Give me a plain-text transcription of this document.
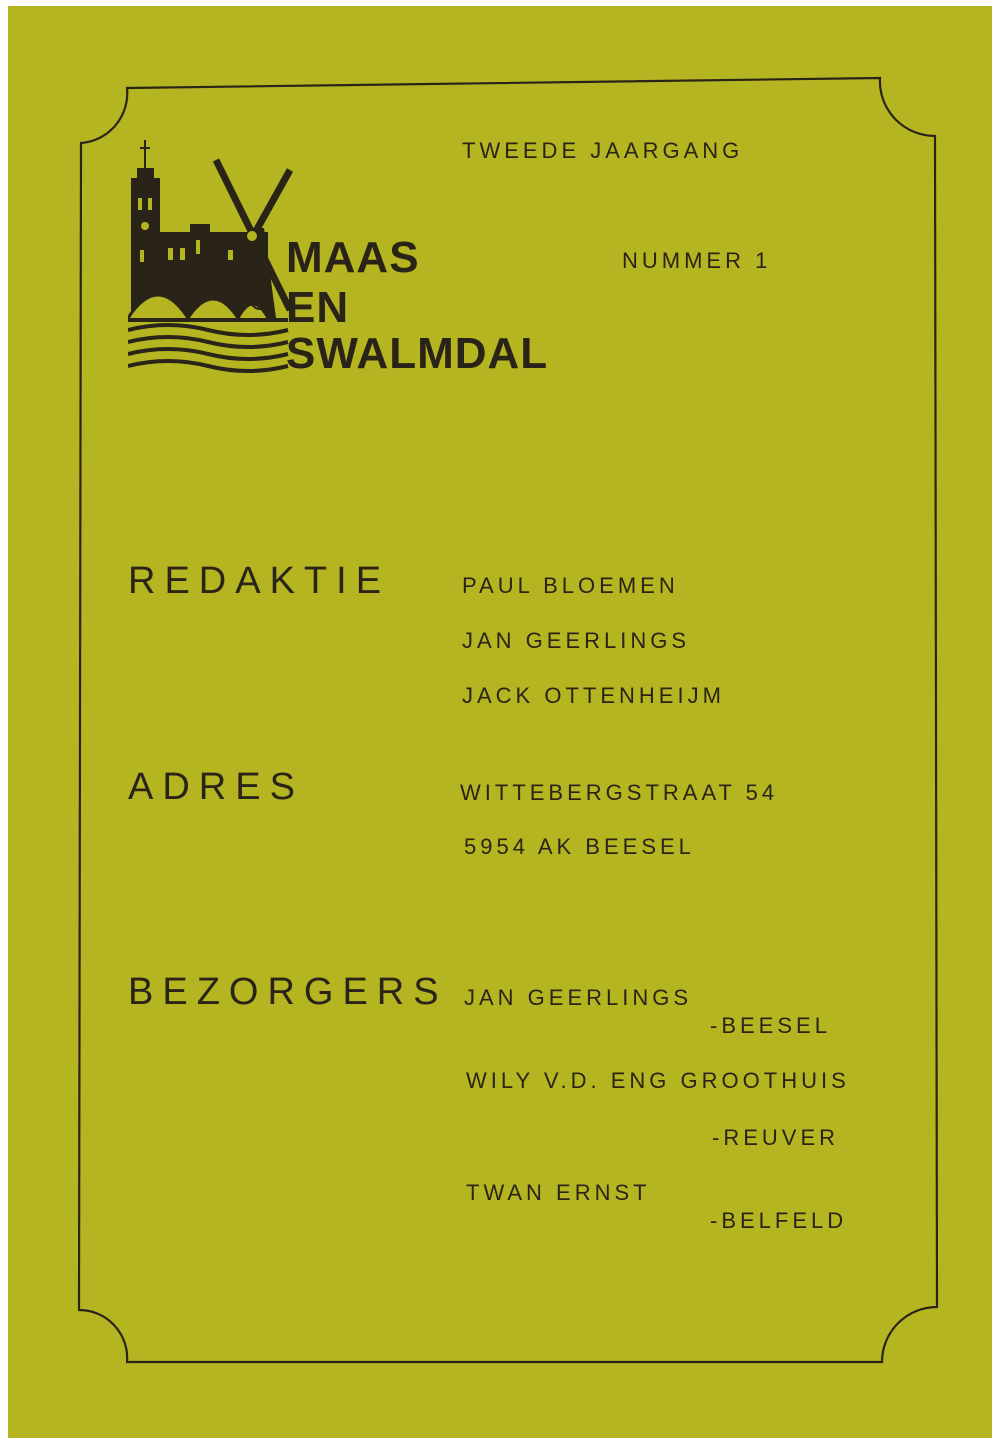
MAAS
EN
SWALMDAL
TWEEDE JAARGANG
NUMMER 1
REDAKTIE	PAUL BLOEMEN
JAN GEERLINGS
JACK OTTENHEIJM
ADRES	WITTEBERGSTRAAT 54
5954 AK BEESEL
BEZORGERS JAN GEERLINGS
-BEESEL
WILY V.D. ENG GROOTHUIS
-REUVER
TWAN ERNST
-BELFELD
